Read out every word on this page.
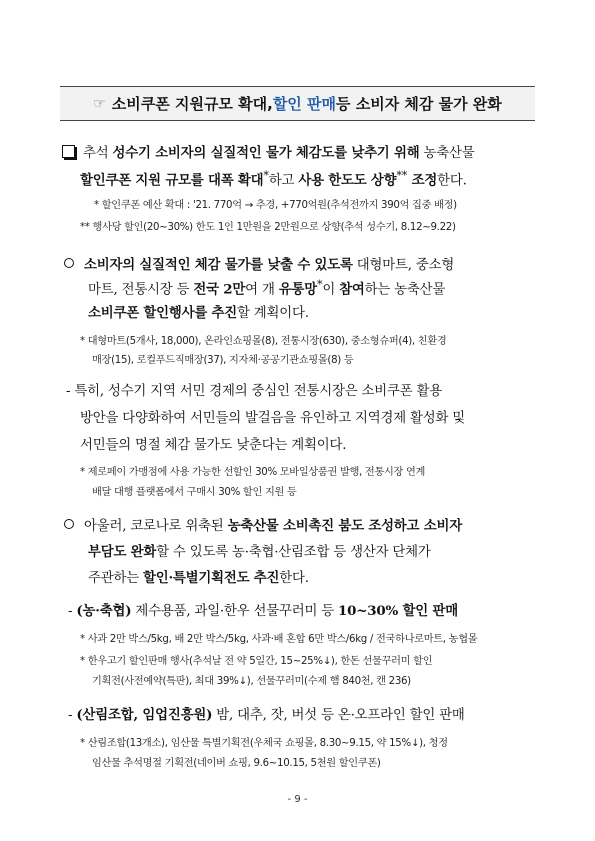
☞ 소비쿠폰 지원규모 확대, 할인 판매 등 소비자 체감 물가 완화
추석 성수기 소비자의 실질적인 물가 체감도를 낮추기 위해 농축산물
할인쿠폰 지원 규모를 대폭 확대*하고 사용 한도도 상향** 조정한다.
* 할인쿠폰 예산 확대 : '21. 770억 → 추경, +770억원(추석전까지 390억 집중 배정)
** 행사당 할인(20~30%) 한도 1인 1만원을 2만원으로 상향(추석 성수기, 8.12~9.22)
소비자의 실질적인 체감 물가를 낮출 수 있도록 대형마트, 중소형
마트, 전통시장 등 전국 2만여 개 유통망*이 참여하는 농축산물
소비쿠폰 할인행사를 추진할 계획이다.
* 대형마트(5개사, 18,000), 온라인쇼핑몰(8), 전통시장(630), 중소형슈퍼(4), 친환경
매장(15), 로컬푸드직매장(37), 지자체·공공기관쇼핑몰(8) 등
- 특히, 성수기 지역 서민 경제의 중심인 전통시장은 소비쿠폰 활용
방안을 다양화하여 서민들의 발걸음을 유인하고 지역경제 활성화 및
서민들의 명절 체감 물가도 낮춘다는 계획이다.
* 제로페이 가맹점에 사용 가능한 선할인 30% 모바일상품권 발행, 전통시장 연계
배달 대행 플랫폼에서 구매시 30% 할인 지원 등
아울러, 코로나로 위축된 농축산물 소비촉진 붐도 조성하고 소비자
부담도 완화할 수 있도록 농·축협·산림조합 등 생산자 단체가
주관하는 할인·특별기획전도 추진한다.
- (농·축협) 제수용품, 과일·한우 선물꾸러미 등 10~30% 할인 판매
* 사과 2만 박스/5kg, 배 2만 박스/5kg, 사과·배 혼합 6만 박스/6kg / 전국하나로마트, 농협몰
* 한우고기 할인판매 행사(추석날 전 약 5일간, 15~25%↓), 한돈 선물꾸러미 할인
기획전(사전예약(특판), 최대 39%↓), 선물꾸러미(수제 햄 840천, 캔 236)
- (산림조합, 임업진흥원) 밤, 대추, 잣, 버섯 등 온·오프라인 할인 판매
* 산림조합(13개소), 임산물 특별기획전(우체국 쇼핑몰, 8.30~9.15, 약 15%↓), 청정
임산물 추석명절 기획전(네이버 쇼핑, 9.6~10.15, 5천원 할인쿠폰)
- 9 -
